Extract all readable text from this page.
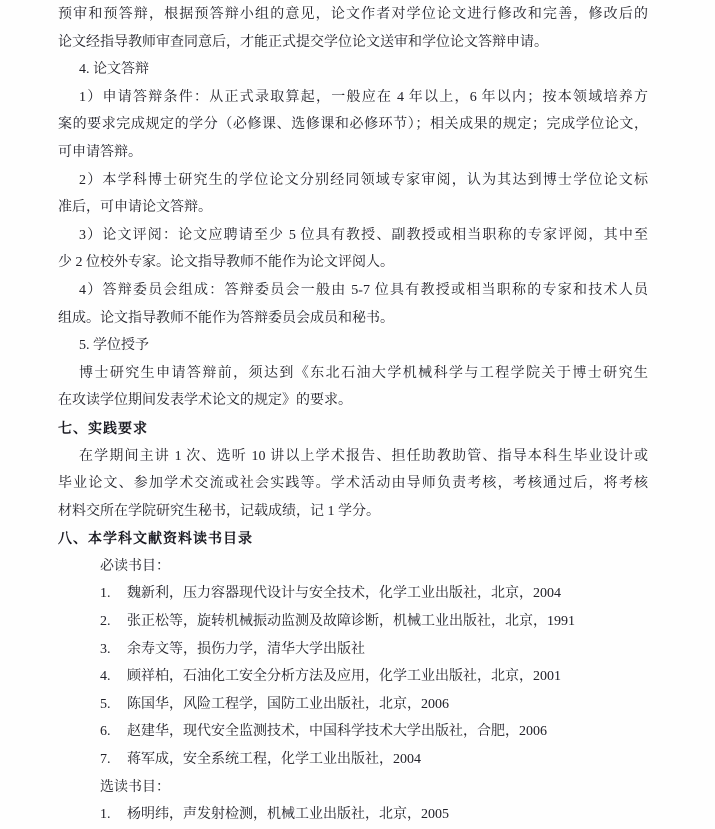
预审和预答辩，根据预答辩小组的意见，论文作者对学位论文进行修改和完善，修改后的
论文经指导教师审查同意后，才能正式提交学位论文送审和学位论文答辩申请。
4. 论文答辩
1）申请答辩条件：从正式录取算起，一般应在 4 年以上，6 年以内；按本领域培养方
案的要求完成规定的学分（必修课、选修课和必修环节）；相关成果的规定；完成学位论文，
可申请答辩。
2）本学科博士研究生的学位论文分别经同领域专家审阅，认为其达到博士学位论文标
准后，可申请论文答辩。
3）论文评阅：论文应聘请至少 5 位具有教授、副教授或相当职称的专家评阅，其中至
少 2 位校外专家。论文指导教师不能作为论文评阅人。
4）答辩委员会组成：答辩委员会一般由 5-7 位具有教授或相当职称的专家和技术人员
组成。论文指导教师不能作为答辩委员会成员和秘书。
5. 学位授予
博士研究生申请答辩前，须达到《东北石油大学机械科学与工程学院关于博士研究生
在攻读学位期间发表学术论文的规定》的要求。
七、实践要求
在学期间主讲 1 次、选听 10 讲以上学术报告、担任助教助管、指导本科生毕业设计或
毕业论文、参加学术交流或社会实践等。学术活动由导师负责考核，考核通过后，将考核
材料交所在学院研究生秘书，记载成绩，记 1 学分。
八、本学科文献资料读书目录
必读书目：
1.	魏新利，压力容器现代设计与安全技术，化学工业出版社，北京，2004
2.	张正松等，旋转机械振动监测及故障诊断，机械工业出版社，北京，1991
3.	余寿文等，损伤力学，清华大学出版社
4.	顾祥柏，石油化工安全分析方法及应用，化学工业出版社，北京，2001
5.	陈国华，风险工程学，国防工业出版社，北京，2006
6.	赵建华，现代安全监测技术，中国科学技术大学出版社，合肥，2006
7.	蒋军成，安全系统工程，化学工业出版社，2004
选读书目：
1.	杨明纬，声发射检测，机械工业出版社，北京，2005
